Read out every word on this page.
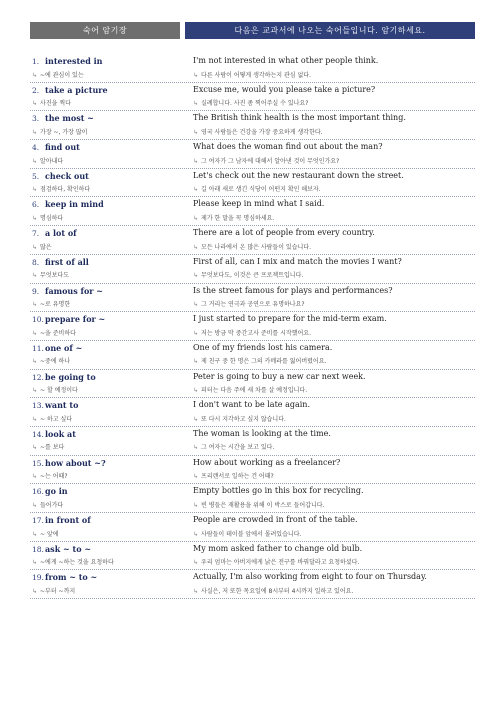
숙어 암기장	다음은 교과서에 나오는 숙어들입니다. 암기하세요.
1. interested in
↳ ~에 관심이 있는
I'm not interested in what other people think.
↳ 다른 사람이 어떻게 생각하는지 관심 없다.
2. take a picture
↳ 사진을 찍다
Excuse me, would you please take a picture?
↳ 실례합니다. 사진 좀 찍어주실 수 있나요?
3. the most ~
↳ 가장 ~, 가장 많이
The British think health is the most important thing.
↳ 영국 사람들은 건강을 가장 중요하게 생각한다.
4. find out
↳ 알아내다
What does the woman find out about the man?
↳ 그 여자가 그 남자에 대해서 알아낸 것이 무엇인가요?
5. check out
↳ 점검하다, 확인하다
Let's check out the new restaurant down the street.
↳ 길 아래 새로 생긴 식당이 어떤지 확인 해보자.
6. keep in mind
↳ 명심하다
Please keep in mind what I said.
↳ 제가 한 말을 꼭 명심하세요.
7. a lot of
↳ 많은
There are a lot of people from every country.
↳ 모든 나라에서 온 많은 사람들이 있습니다.
8. first of all
↳ 무엇보다도
First of all, can I mix and match the movies I want?
↳ 무엇보다도, 이것은 큰 프로젝트입니다.
9. famous for ~
↳ ~로 유명한
Is the street famous for plays and performances?
↳ 그 거리는 연극과 공연으로 유명하나요?
10. prepare for ~
↳ ~을 준비하다
I just started to prepare for the mid-term exam.
↳ 저는 방금 막 중간고사 준비를 시작했어요.
11. one of ~
↳ ~중에 하나
One of my friends lost his camera.
↳ 제 친구 중 한 명은 그의 카메라를 잃어버렸어요.
12. be going to
↳ ~ 할 예정이다
Peter is going to buy a new car next week.
↳ 피터는 다음 주에 새 차를 살 예정입니다.
13. want to
↳ ~ 하고 싶다
I don't want to be late again.
↳ 또 다시 지각하고 싶지 않습니다.
14. look at
↳ ~를 보다
The woman is looking at the time.
↳ 그 여자는 시간을 보고 있다.
15. how about ~?
↳ ~는 어때?
How about working as a freelancer?
↳ 프리랜서로 일하는 건 어때?
16. go in
↳ 들어가다
Empty bottles go in this box for recycling.
↳ 빈 병들은 재활용을 위해 이 박스로 들어갑니다.
17. in front of
↳ ~ 앞에
People are crowded in front of the table.
↳ 사람들이 테이블 앞에서 몰려있습니다.
18. ask ~ to ~
↳ ~에게 ~하는 것을 요청하다
My mom asked father to change old bulb.
↳ 우리 엄마는 아버지에게 낡은 전구를 바꿔달라고 요청하셨다.
19. from ~ to ~
↳ ~부터 ~까지
Actually, I'm also working from eight to four on Thursday.
↳ 사실은, 저 또한 목요일에 8시부터 4시까지 일하고 있어요.
